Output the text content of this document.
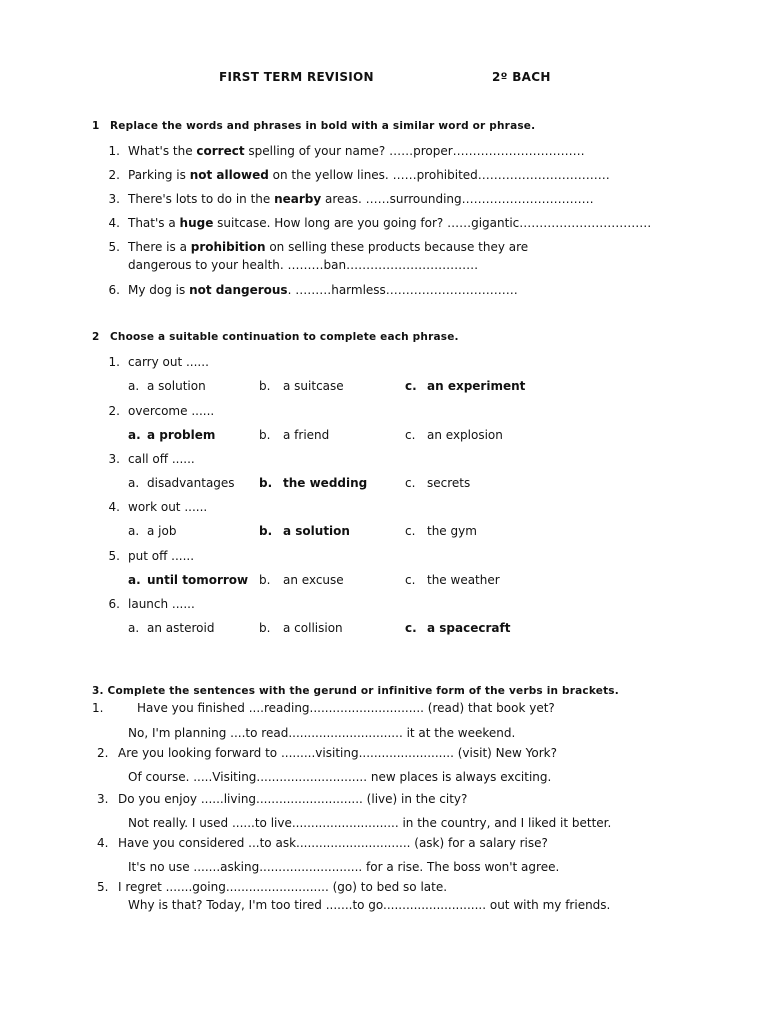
FIRST TERM REVISION	2º BACH
1 Replace the words and phrases in bold with a similar word or phrase.
2 Choose a suitable continuation to complete each phrase.
3. Complete the sentences with the gerund or infinitive form of the verbs in brackets.
1. What's the correct spelling of your name? ……proper……………………………
2. Parking is not allowed on the yellow lines. ……prohibited……………………………
3. There's lots to do in the nearby areas. ……surrounding……………………………
4. That's a huge suitcase. How long are you going for? ……gigantic……………………………
5. There is a prohibition on selling these products because they are
dangerous to your health. ………ban……………………………
6. My dog is not dangerous. ………harmless……………………………
1. carry out ......
a. a solution	b. a suitcase	c. an experiment
2. overcome ......
a. a problem	b. a friend	c. an explosion
3. call off ......
a. disadvantages b. the wedding	c. secrets
4. work out ......
a. a job	b. a solution	c. the gym
5. put off ......
a. until tomorrow b. an excuse	c. the weather
6. launch ......
a. an asteroid	b. a collision	c. a spacecraft
1.	Have you finished ....reading.............................. (read) that book yet?
No, I'm planning ....to read.............................. it at the weekend.
2. Are you looking forward to .........visiting......................... (visit) New York?
Of course. .....Visiting............................. new places is always exciting.
3. Do you enjoy ......living............................ (live) in the city?
Not really. I used ......to live............................ in the country, and I liked it better.
4. Have you considered ...to ask.............................. (ask) for a salary rise?
It's no use .......asking........................... for a rise. The boss won't agree.
5. I regret .......going........................... (go) to bed so late.
Why is that? Today, I'm too tired .......to go........................... out with my friends.
